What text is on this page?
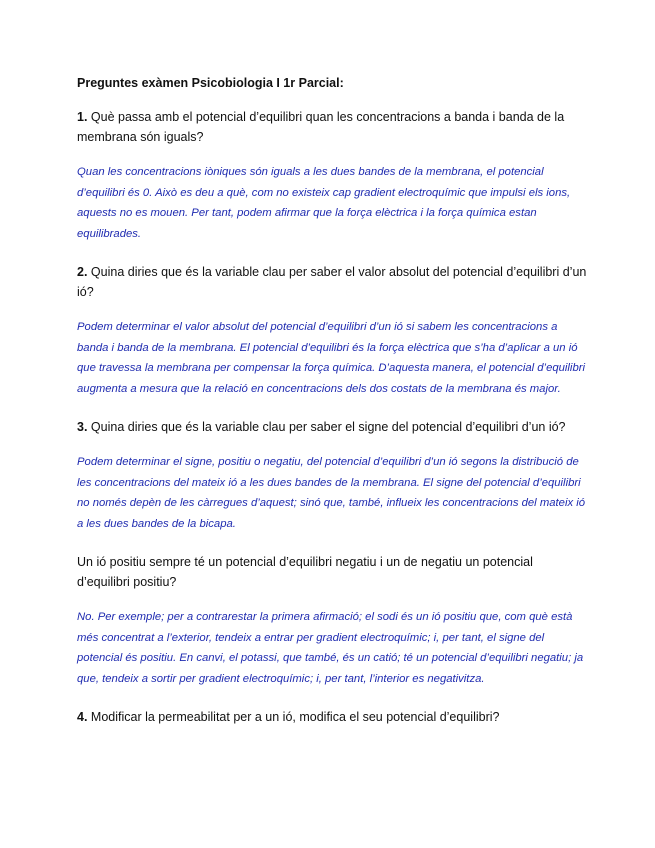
Preguntes exàmen Psicobiologia I 1r Parcial:

1. Què passa amb el potencial d’equilibri quan les concentracions a banda i banda de la membrana són iguals?

Quan les concentracions iòniques són iguals a les dues bandes de la membrana, el potencial d’equilibri és 0. Això es deu a què, com no existeix cap gradient electroquímic que impulsi els ions, aquests no es mouen. Per tant, podem afirmar que la força elèctrica i la força química estan equilibrades.

2. Quina diries que és la variable clau per saber el valor absolut del potencial d’equilibri d’un ió?

Podem determinar el valor absolut del potencial d’equilibri d’un ió si sabem les concentracions a banda i banda de la membrana. El potencial d’equilibri és la força elèctrica que s’ha d’aplicar a un ió que travessa la membrana per compensar la força química. D’aquesta manera, el potencial d’equilibri augmenta a mesura que la relació en concentracions dels dos costats de la membrana és major.

3. Quina diries que és la variable clau per saber el signe del potencial d’equilibri d’un ió?

Podem determinar el signe, positiu o negatiu, del potencial d’equilibri d’un ió segons la distribució de les concentracions del mateix ió a les dues bandes de la membrana. El signe del potencial d’equilibri no només depèn de les càrregues d’aquest; sinó que, també, influeix les concentracions del mateix ió a les dues bandes de la bicapa.

Un ió positiu sempre té un potencial d’equilibri negatiu i un de negatiu un potencial d’equilibri positiu?

No. Per exemple; per a contrarestar la primera afirmació; el sodi és un ió positiu que, com què està més concentrat a l’exterior, tendeix a entrar per gradient electroquímic; i, per tant, el signe del potencial és positiu. En canvi, el potassi, que també, és un catió; té un potencial d’equilibri negatiu; ja que, tendeix a sortir per gradient electroquímic; i, per tant, l’interior es negativitza.

4. Modificar la permeabilitat per a un ió, modifica el seu potencial d’equilibri?
